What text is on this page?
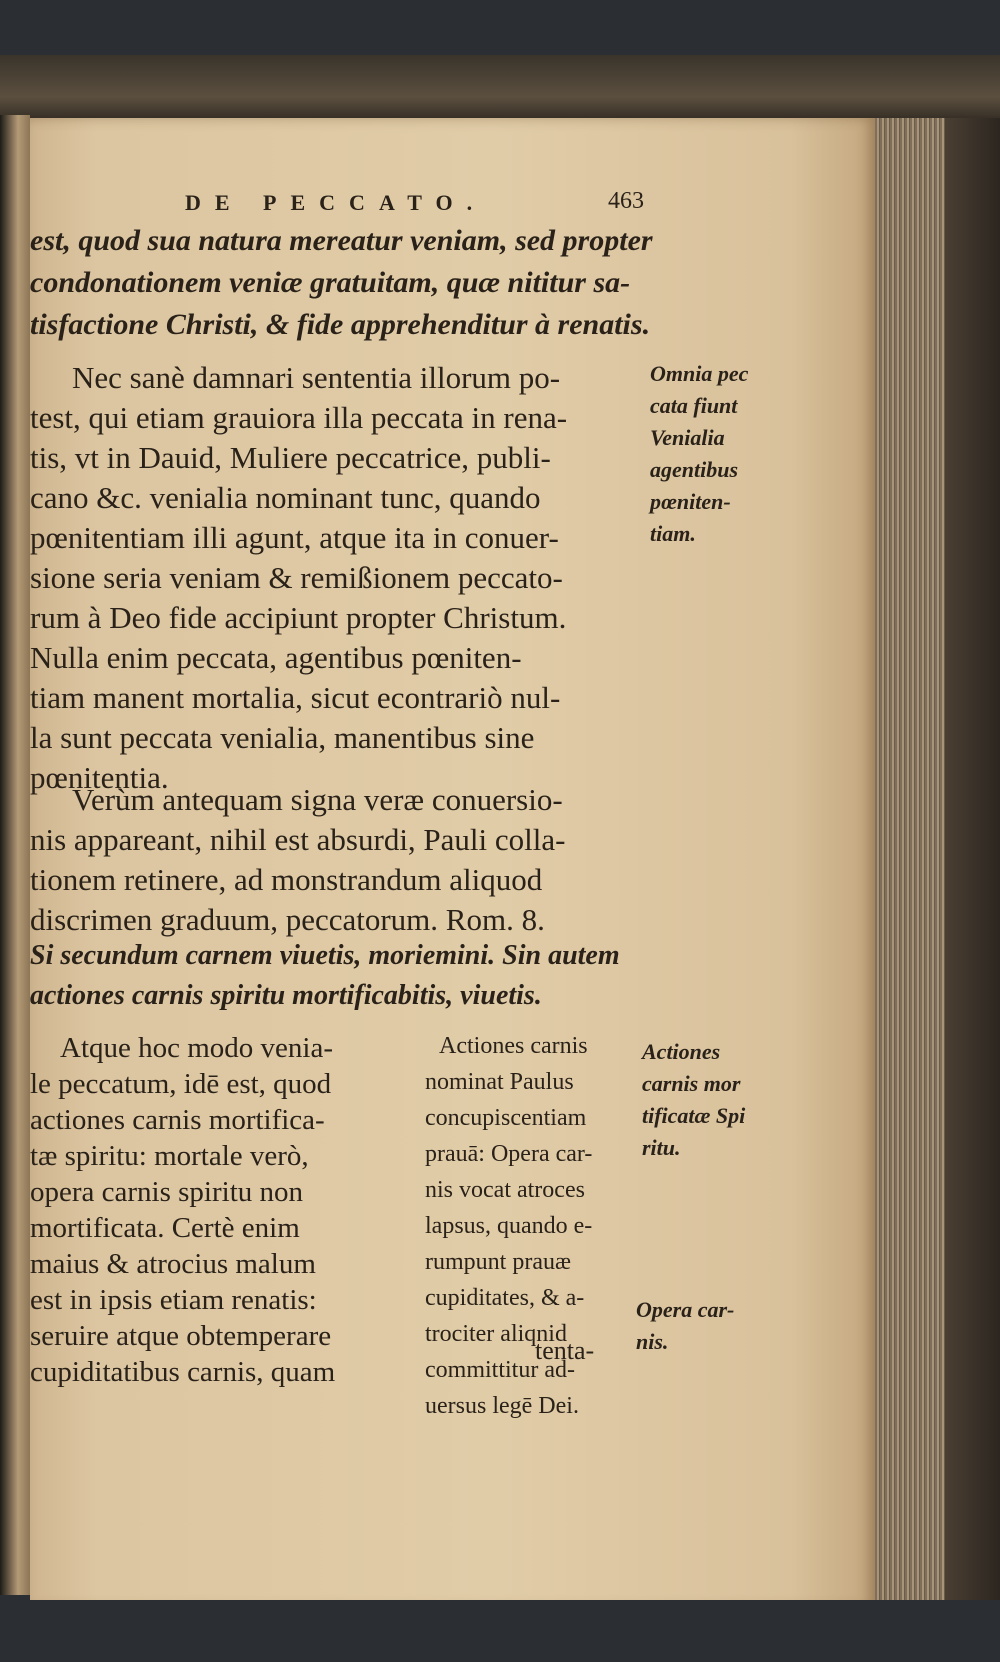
DE PECCATO.	463
est, quod sua natura mereatur veniam, sed propter
condonationem veniæ gratuitam, quæ nititur sa-
tisfactione Christi, & fide apprehenditur à renatis.
Nec sanè damnari sententia illorum po-
test, qui etiam grauiora illa peccata in rena-
tis, vt in Dauid, Muliere peccatrice, publi-
cano &c. venialia nominant tunc, quando
pœnitentiam illi agunt, atque ita in conuer-
sione seria veniam & remißionem peccato-
rum à Deo fide accipiunt propter Christum.
Nulla enim peccata, agentibus pœniten-
tiam manent mortalia, sicut econtrariò nul-
la sunt peccata venialia, manentibus sine
pœnitentia.
Omnia pec
cata fiunt
Venialia
agentibus
pœniten-
tiam.
Verùm antequam signa veræ conuersio-
nis appareant, nihil est absurdi, Pauli colla-
tionem retinere, ad monstrandum aliquod
discrimen graduum, peccatorum. Rom. 8.
Si secundum carnem viuetis, moriemini. Sin autem
actiones carnis spiritu mortificabitis, viuetis.
Atque hoc modo venia-
le peccatum, idē est, quod
actiones carnis mortifica-
tæ spiritu: mortale verò,
opera carnis spiritu non
mortificata. Certè enim
maius & atrocius malum
est in ipsis etiam renatis:
seruire atque obtemperare
cupiditatibus carnis, quam
Actiones carnis
nominat Paulus
concupiscentiam
prauā: Opera car-
nis vocat atroces
lapsus, quando e-
rumpunt prauæ
cupiditates, & a-
trociter aliqnid
committitur ad-
uersus legē Dei.
Actiones
carnis mor
tificatæ Spi
ritu.
Opera car-
nis.
tenta-
